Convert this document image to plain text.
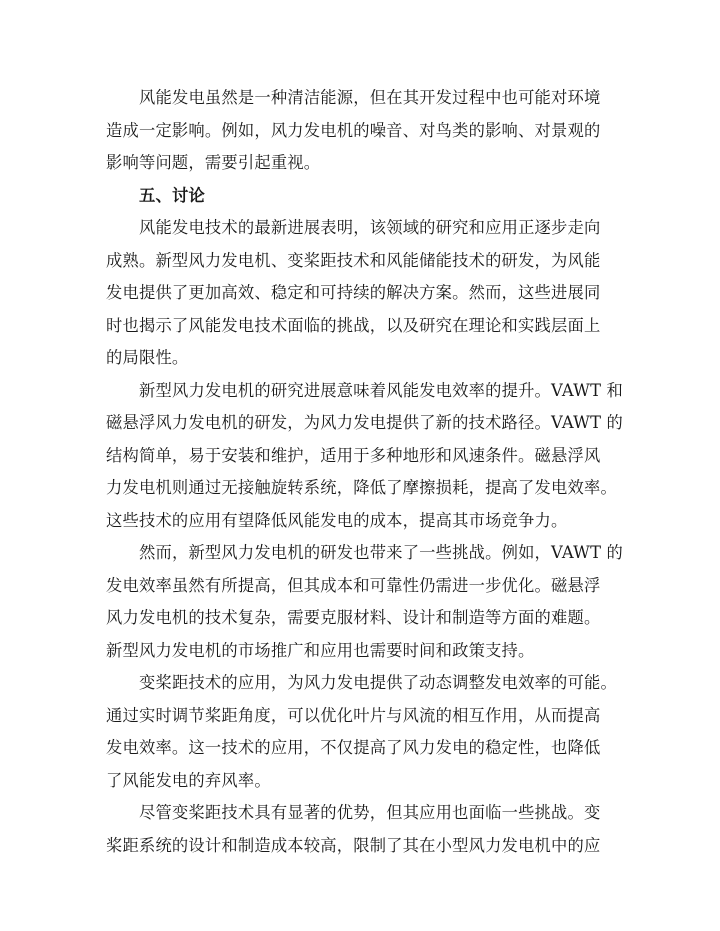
风能发电虽然是一种清洁能源，但在其开发过程中也可能对环境
造成一定影响。例如，风力发电机的噪音、对鸟类的影响、对景观的
影响等问题，需要引起重视。
五、讨论
风能发电技术的最新进展表明，该领域的研究和应用正逐步走向
成熟。新型风力发电机、变桨距技术和风能储能技术的研发，为风能
发电提供了更加高效、稳定和可持续的解决方案。然而，这些进展同
时也揭示了风能发电技术面临的挑战，以及研究在理论和实践层面上
的局限性。
新型风力发电机的研究进展意味着风能发电效率的提升。VAWT 和
磁悬浮风力发电机的研发，为风力发电提供了新的技术路径。VAWT 的
结构简单，易于安装和维护，适用于多种地形和风速条件。磁悬浮风
力发电机则通过无接触旋转系统，降低了摩擦损耗，提高了发电效率。
这些技术的应用有望降低风能发电的成本，提高其市场竞争力。
然而，新型风力发电机的研发也带来了一些挑战。例如，VAWT 的
发电效率虽然有所提高，但其成本和可靠性仍需进一步优化。磁悬浮
风力发电机的技术复杂，需要克服材料、设计和制造等方面的难题。
新型风力发电机的市场推广和应用也需要时间和政策支持。
变桨距技术的应用，为风力发电提供了动态调整发电效率的可能。
通过实时调节桨距角度，可以优化叶片与风流的相互作用，从而提高
发电效率。这一技术的应用，不仅提高了风力发电的稳定性，也降低
了风能发电的弃风率。
尽管变桨距技术具有显著的优势，但其应用也面临一些挑战。变
桨距系统的设计和制造成本较高，限制了其在小型风力发电机中的应
